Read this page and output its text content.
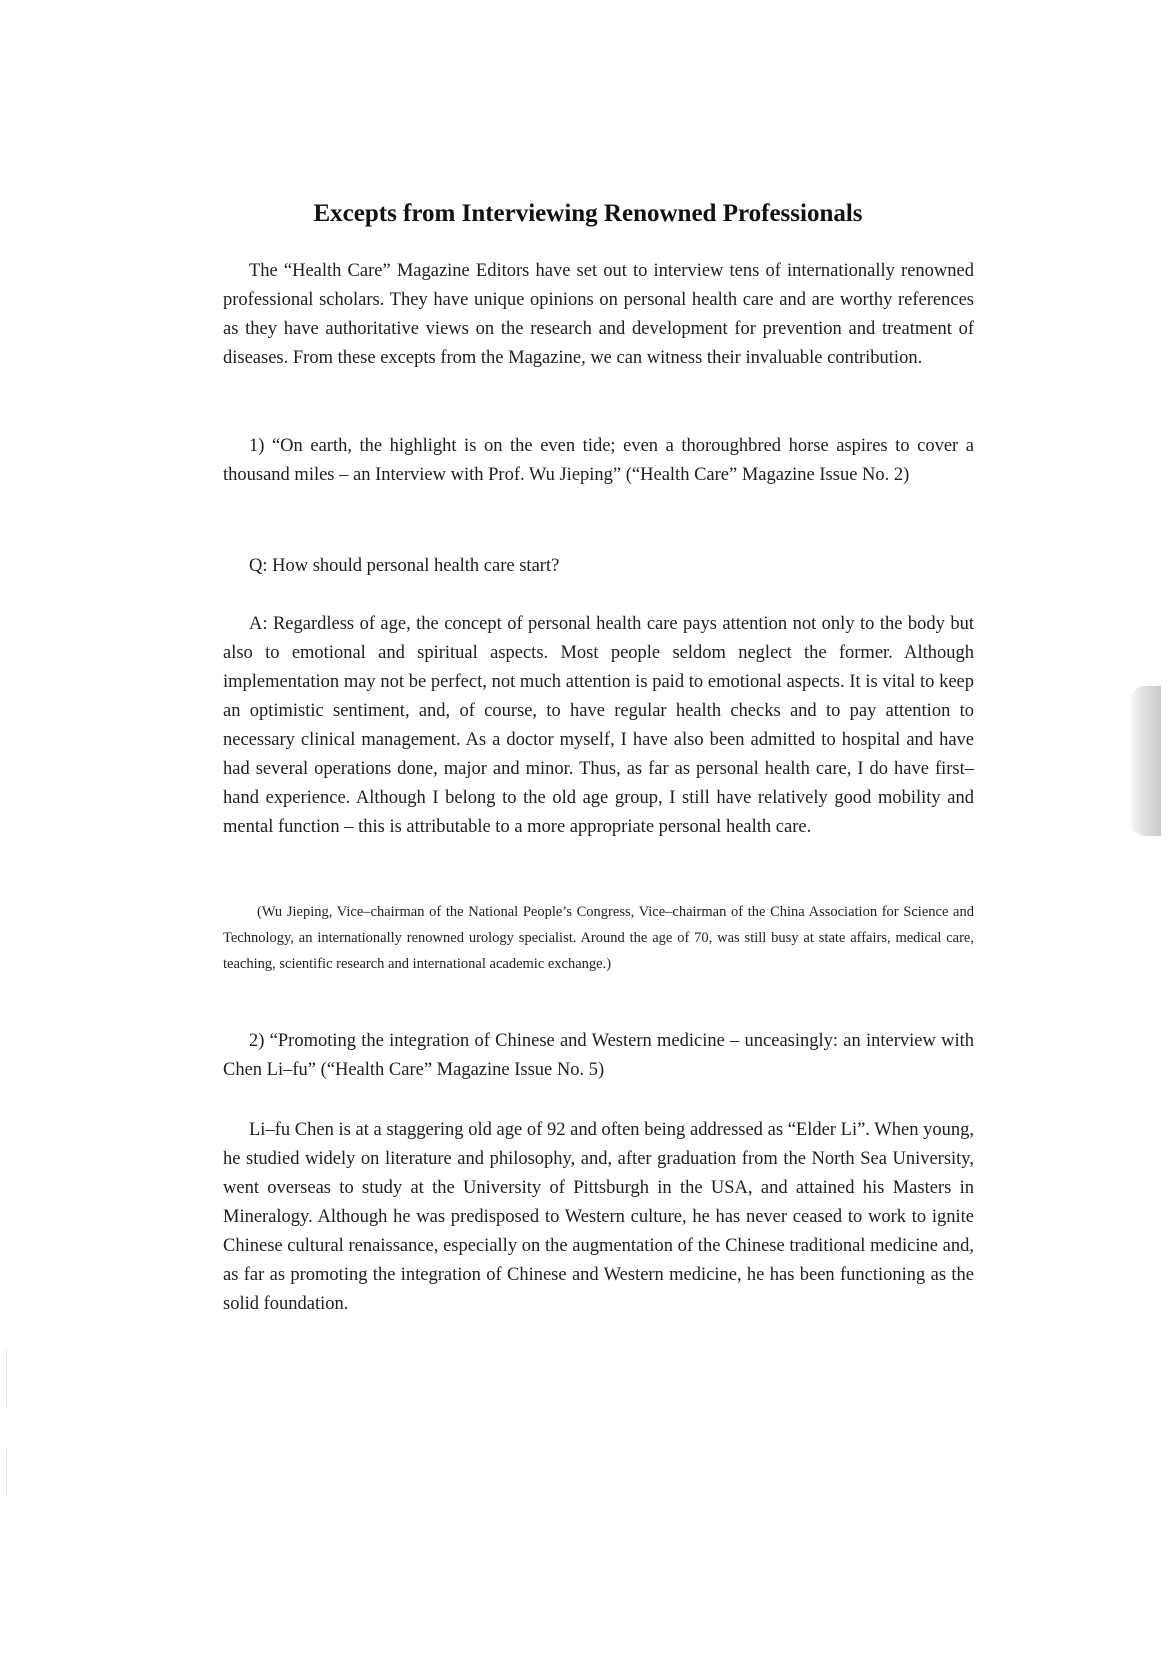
Excepts from Interviewing Renowned Professionals

The “Health Care” Magazine Editors have set out to interview tens of internationally renowned professional scholars. They have unique opinions on personal health care and are worthy references as they have authoritative views on the research and development for prevention and treatment of diseases. From these excepts from the Magazine, we can witness their invaluable contribution.

1) “On earth, the highlight is on the even tide; even a thoroughbred horse aspires to cover a thousand miles – an Interview with Prof. Wu Jieping” (“Health Care” Magazine Issue No. 2)

Q: How should personal health care start?

A: Regardless of age, the concept of personal health care pays attention not only to the body but also to emotional and spiritual aspects. Most people seldom neglect the former. Although implementation may not be perfect, not much attention is paid to emotional aspects. It is vital to keep an optimistic sentiment, and, of course, to have regular health checks and to pay attention to necessary clinical management. As a doctor myself, I have also been admitted to hospital and have had several operations done, major and minor. Thus, as far as personal health care, I do have first–hand experience. Although I belong to the old age group, I still have relatively good mobility and mental function – this is attributable to a more appropriate personal health care.

(Wu Jieping, Vice–chairman of the National People’s Congress, Vice–chairman of the China Association for Science and Technology, an internationally renowned urology specialist. Around the age of 70, was still busy at state affairs, medical care, teaching, scientific research and international academic exchange.)

2) “Promoting the integration of Chinese and Western medicine – unceasingly: an interview with Chen Li–fu” (“Health Care” Magazine Issue No. 5)

Li–fu Chen is at a staggering old age of 92 and often being addressed as “Elder Li”. When young, he studied widely on literature and philosophy, and, after graduation from the North Sea University, went overseas to study at the University of Pittsburgh in the USA, and attained his Masters in Mineralogy. Although he was predisposed to Western culture, he has never ceased to work to ignite Chinese cultural renaissance, especially on the augmentation of the Chinese traditional medicine and, as far as promoting the integration of Chinese and Western medicine, he has been functioning as the solid foundation.
